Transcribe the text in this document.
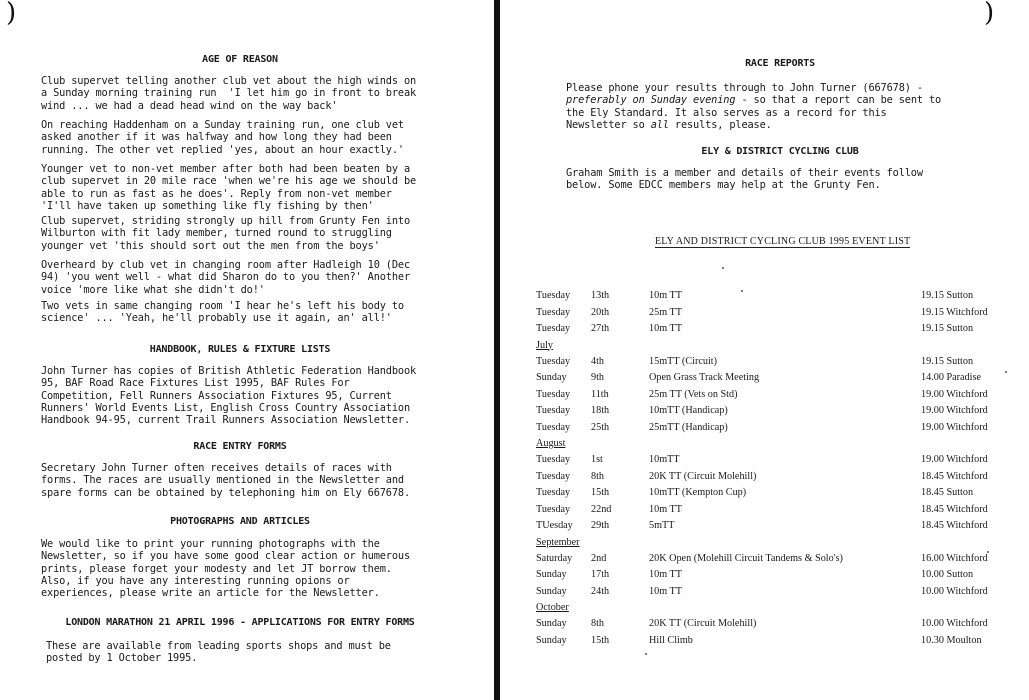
)
AGE OF REASON
Club supervet telling another club vet about the high winds on
a Sunday morning training run  'I let him go in front to break
wind ... we had a dead head wind on the way back'
On reaching Haddenham on a Sunday training run, one club vet
asked another if it was halfway and how long they had been
running. The other vet replied 'yes, about an hour exactly.'
Younger vet to non-vet member after both had been beaten by a
club supervet in 20 mile race 'when we're his age we should be
able to run as fast as he does'. Reply from non-vet member
'I'll have taken up something like fly fishing by then'
Club supervet, striding strongly up hill from Grunty Fen into
Wilburton with fit lady member, turned round to struggling
younger vet 'this should sort out the men from the boys'
Overheard by club vet in changing room after Hadleigh 10 (Dec
94) 'you went well - what did Sharon do to you then?' Another
voice 'more like what she didn't do!'
Two vets in same changing room 'I hear he's left his body to
science' ... 'Yeah, he'll probably use it again, an' all!'
HANDBOOK, RULES & FIXTURE LISTS
John Turner has copies of British Athletic Federation Handbook
95, BAF Road Race Fixtures List 1995, BAF Rules For
Competition, Fell Runners Association Fixtures 95, Current
Runners' World Events List, English Cross Country Association
Handbook 94-95, current Trail Runners Association Newsletter.
RACE ENTRY FORMS
Secretary John Turner often receives details of races with
forms. The races are usually mentioned in the Newsletter and
spare forms can be obtained by telephoning him on Ely 667678.
PHOTOGRAPHS AND ARTICLES
We would like to print your running photographs with the
Newsletter, so if you have some good clear action or humerous
prints, please forget your modesty and let JT borrow them.
Also, if you have any interesting running opions or
experiences, please write an article for the Newsletter.
LONDON MARATHON 21 APRIL 1996 - APPLICATIONS FOR ENTRY FORMS
These are available from leading sports shops and must be
posted by 1 October 1995.
)
RACE REPORTS
Please phone your results through to John Turner (667678) -
preferably on Sunday evening - so that a report can be sent to
the Ely Standard. It also serves as a record for this
Newsletter so all results, please.
ELY & DISTRICT CYCLING CLUB
Graham Smith is a member and details of their events follow
below. Some EDCC members may help at the Grunty Fen.
ELY AND DISTRICT CYCLING CLUB 1995 EVENT LIST
Tuesday 13th	10m TT	19.15 Sutton
Tuesday 20th	25m TT	19.15 Witchford
Tuesday 27th	10m TT	19.15 Sutton
July
Tuesday 4th	15mTT (Circuit)	19.15 Sutton
Sunday 9th	Open Grass Track Meeting	14.00 Paradise
Tuesday 11th	25m TT (Vets on Std)	19.00 Witchford
Tuesday 18th	10mTT (Handicap)	19.00 Witchford
Tuesday 25th	25mTT (Handicap)	19.00 Witchford
August
Tuesday 1st	10mTT	19.00 Witchford
Tuesday 8th	20K TT (Circuit Molehill)	18.45 Witchford
Tuesday 15th	10mTT (Kempton Cup)	18.45 Sutton
Tuesday 22nd	10m TT	18.45 Witchford
TUesday 29th	5mTT	18.45 Witchford
September
Saturday 2nd	20K Open (Molehill Circuit Tandems & Solo's)	16.00 Witchford
Sunday 17th	10m TT	10.00 Sutton
Sunday 24th	10m TT	10.00 Witchford
October
Sunday 8th	20K TT (Circuit Molehill)	10.00 Witchford
Sunday 15th	Hill Climb	10.30 Moulton
